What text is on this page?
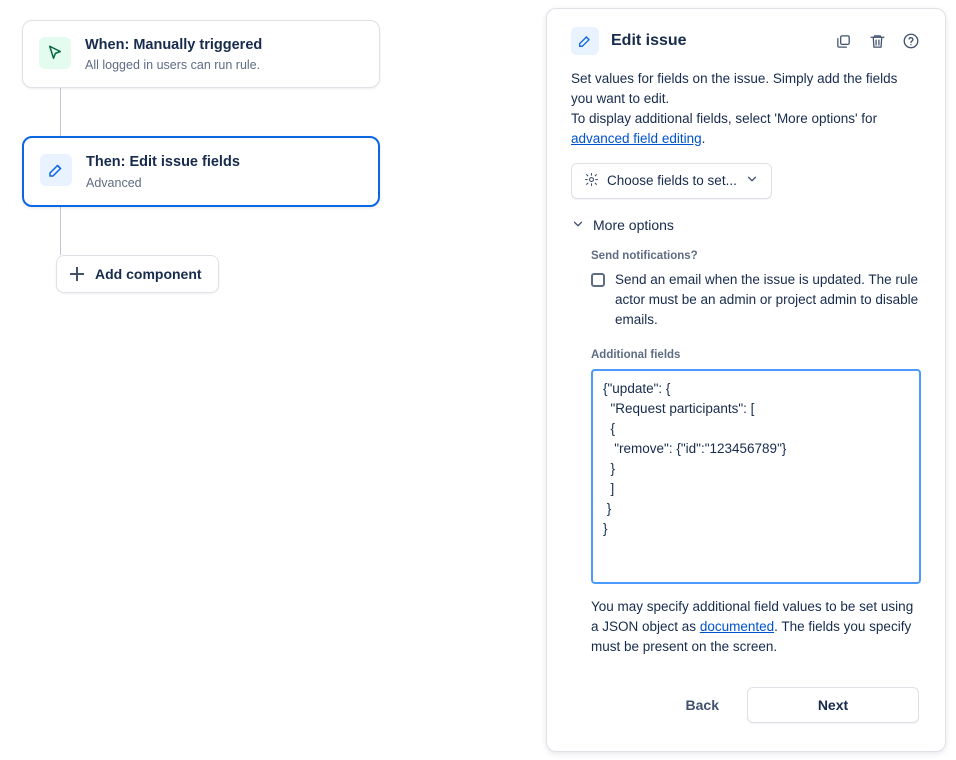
When: Manually triggered
All logged in users can run rule.
Then: Edit issue fields
Advanced
Add component
Edit issue
Set values for fields on the issue. Simply add the fields you want to edit.
To display additional fields, select 'More options' for advanced field editing.
Choose fields to set...
More options
Send notifications?
Send an email when the issue is updated. The rule actor must be an admin or project admin to disable emails.
Additional fields
{"update": { "Request participants": [ { "remove": {"id":"123456789"} } ] } }
You may specify additional field values to be set using a JSON object as documented. The fields you specify must be present on the screen.
Back	Next
